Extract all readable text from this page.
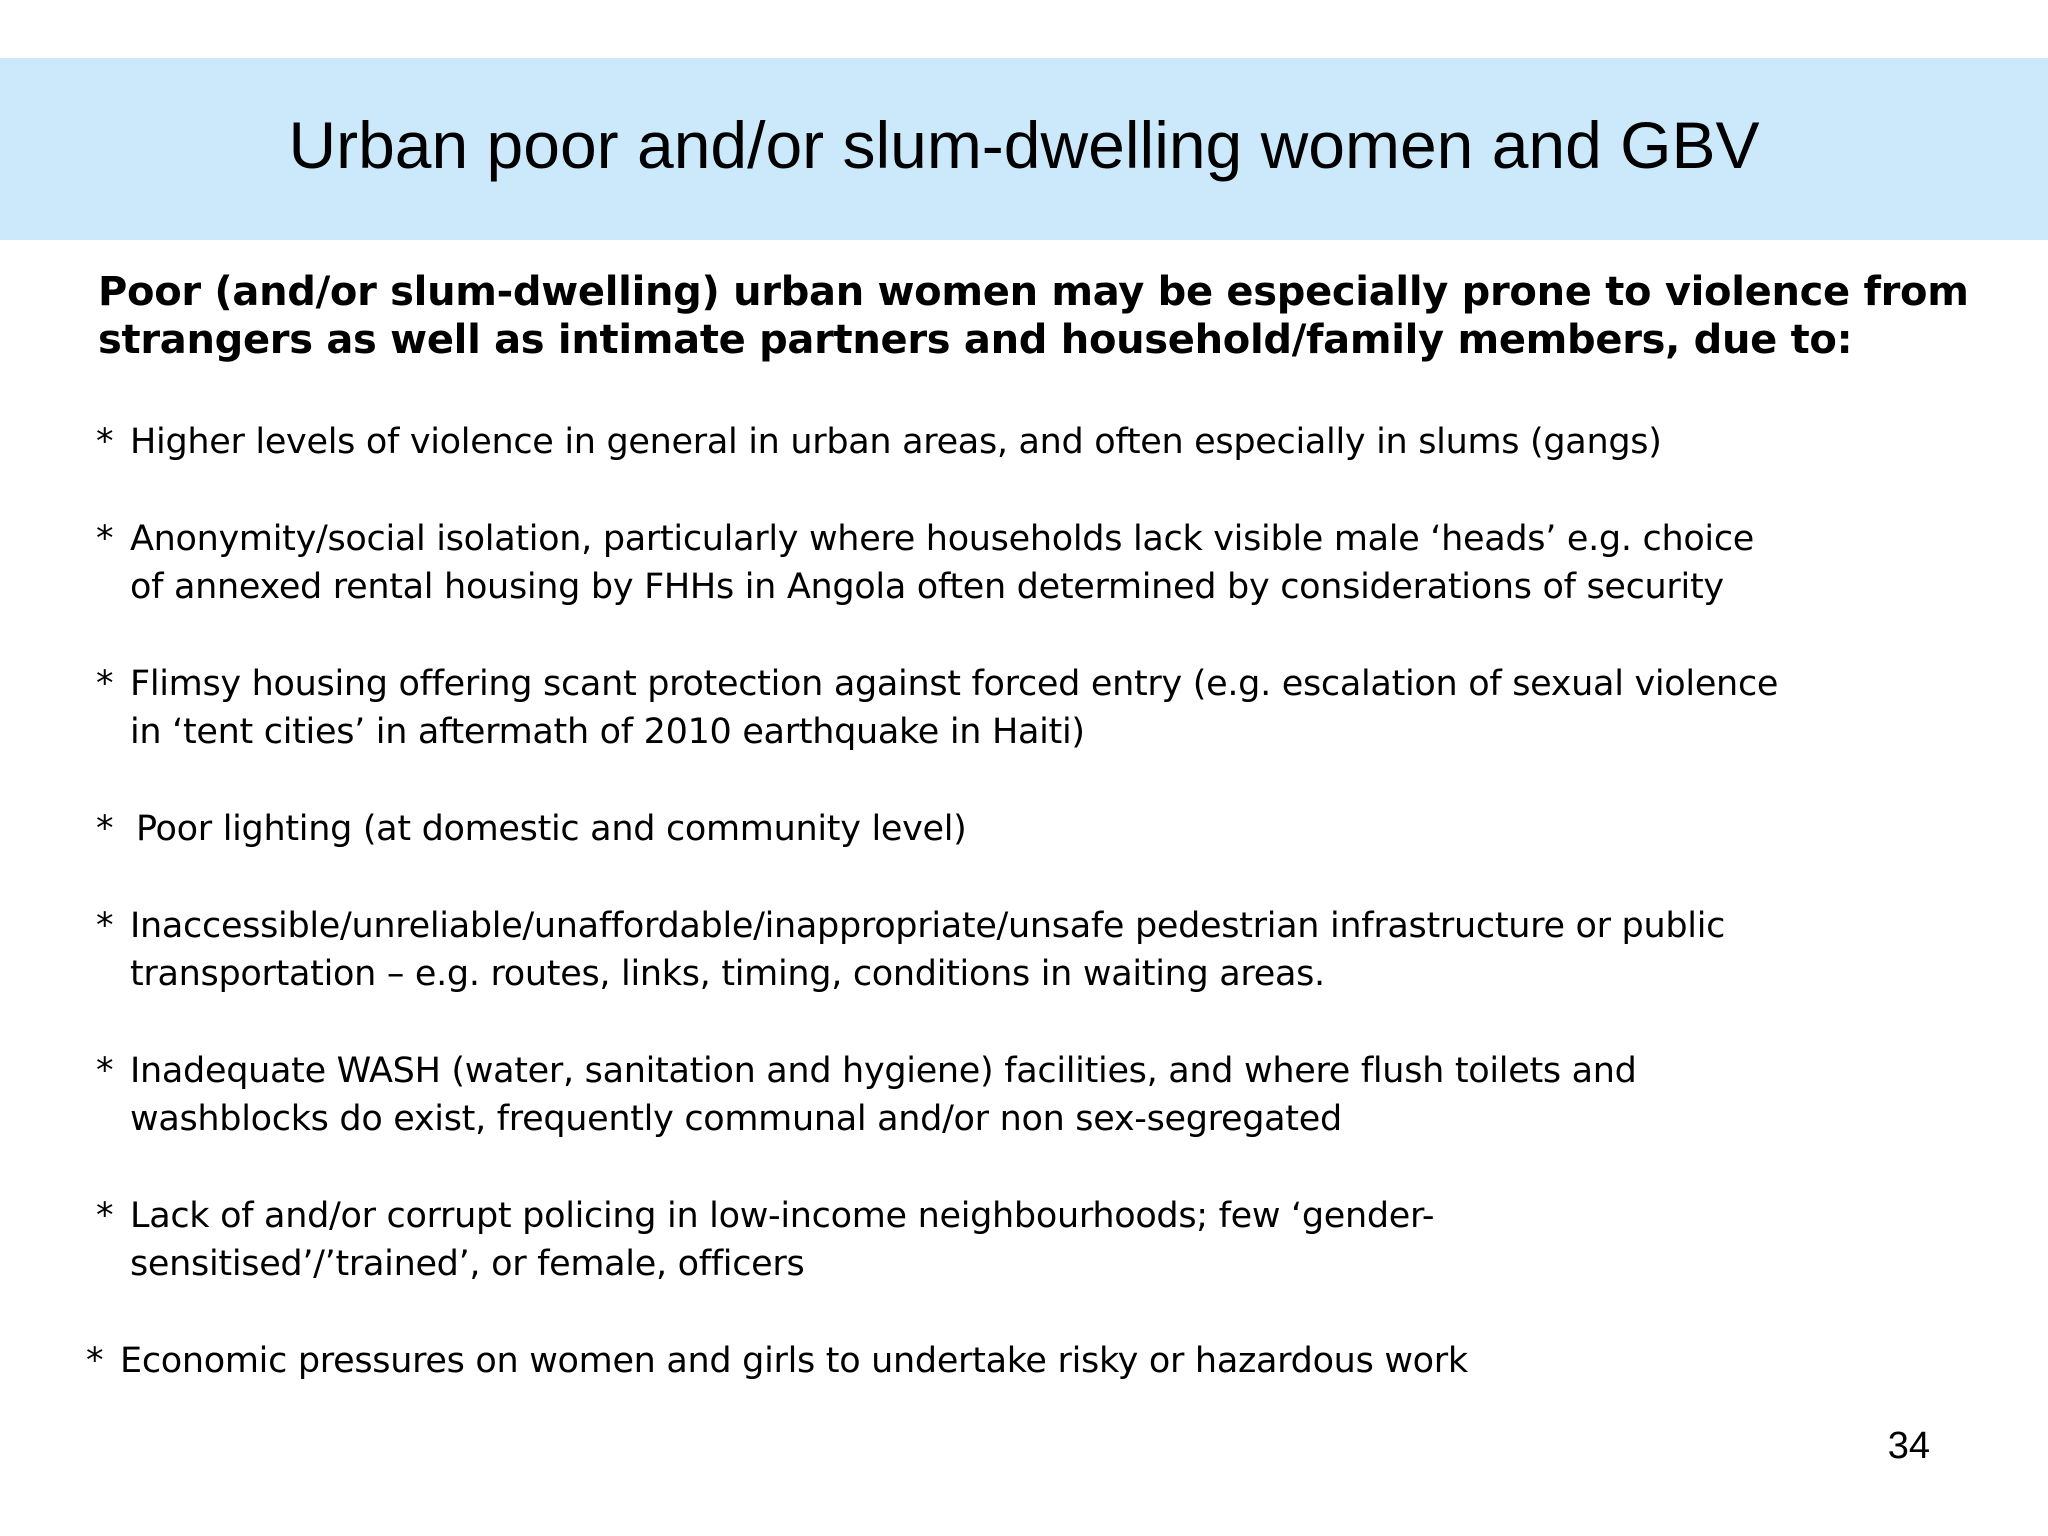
Urban poor and/or slum-dwelling women and GBV

Poor (and/or slum-dwelling) urban women may be especially prone to violence from strangers as well as intimate partners and household/family members, due to:

* Higher levels of violence in general in urban areas, and often especially in slums (gangs)
* Anonymity/social isolation, particularly where households lack visible male ‘heads’ e.g. choice
of annexed rental housing by FHHs in Angola often determined by considerations of security
* Flimsy housing offering scant protection against forced entry (e.g. escalation of sexual violence
in ‘tent cities’ in aftermath of 2010 earthquake in Haiti)
* Poor lighting (at domestic and community level)
* Inaccessible/unreliable/unaffordable/inappropriate/unsafe pedestrian infrastructure or public
transportation – e.g. routes, links, timing, conditions in waiting areas.
* Inadequate WASH (water, sanitation and hygiene) facilities, and where flush toilets and
washblocks do exist, frequently communal and/or non sex-segregated
* Lack of and/or corrupt policing in low-income neighbourhoods; few ‘gender-
sensitised’/’trained’, or female, officers
* Economic pressures on women and girls to undertake risky or hazardous work
34
